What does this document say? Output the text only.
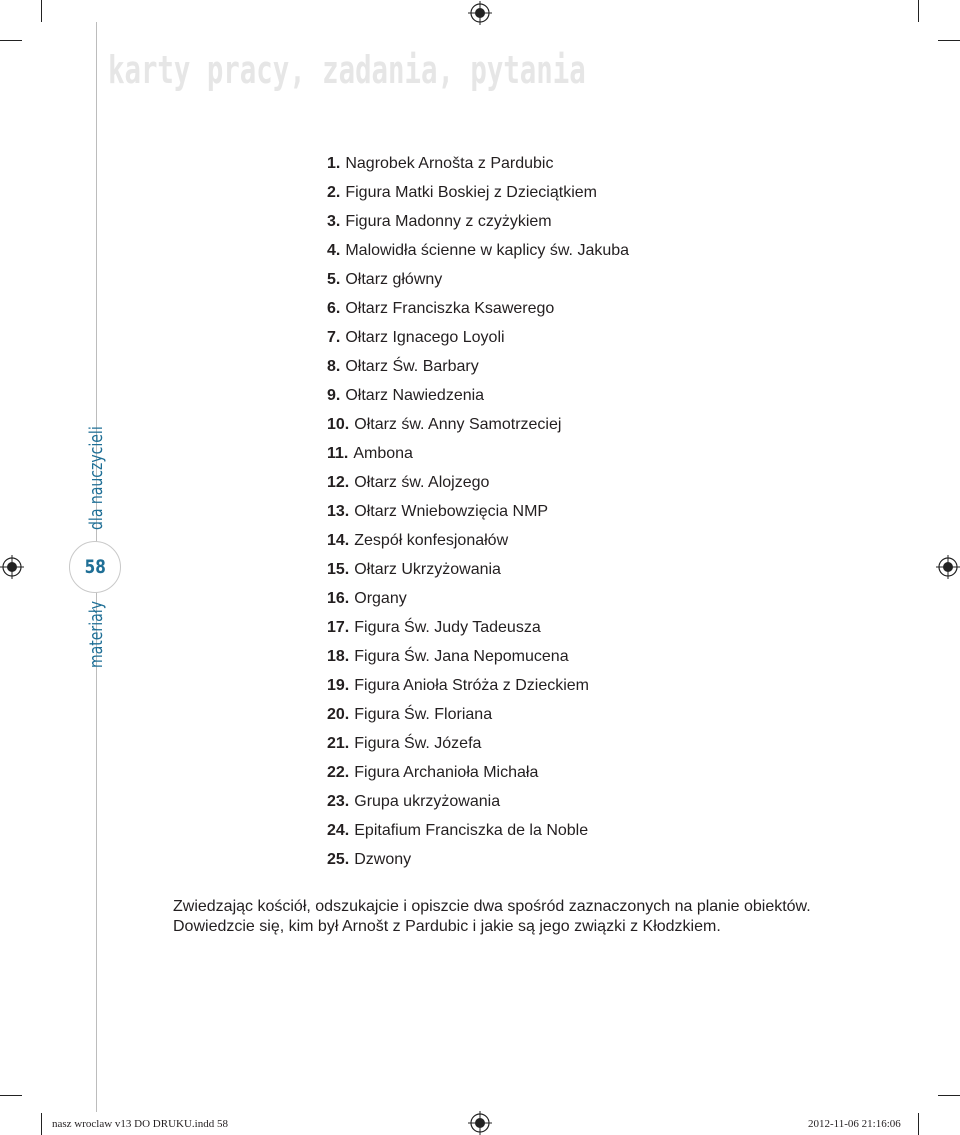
karty pracy, zadania, pytania
dla nauczycieli
58
materiały
1. Nagrobek Arnošta z Pardubic
2. Figura Matki Boskiej z Dzieciątkiem
3. Figura Madonny z czyżykiem
4. Malowidła ścienne w kaplicy św. Jakuba
5. Ołtarz główny
6. Ołtarz Franciszka Ksawerego
7. Ołtarz Ignacego Loyoli
8. Ołtarz Św. Barbary
9. Ołtarz Nawiedzenia
10. Ołtarz św. Anny Samotrzeciej
11. Ambona
12. Ołtarz św. Alojzego
13. Ołtarz Wniebowzięcia NMP
14. Zespół konfesjonałów
15. Ołtarz Ukrzyżowania
16. Organy
17. Figura Św. Judy Tadeusza
18. Figura Św. Jana Nepomucena
19. Figura Anioła Stróża z Dzieckiem
20. Figura Św. Floriana
21. Figura Św. Józefa
22. Figura Archanioła Michała
23. Grupa ukrzyżowania
24. Epitafium Franciszka de la Noble
25. Dzwony
Zwiedzając kościół, odszukajcie i opiszcie dwa spośród zaznaczonych na planie obiektów.
Dowiedzcie się, kim był Arnošt z Pardubic i jakie są jego związki z Kłodzkiem.
nasz wroclaw v13 DO DRUKU.indd 58	2012-11-06 21:16:06
